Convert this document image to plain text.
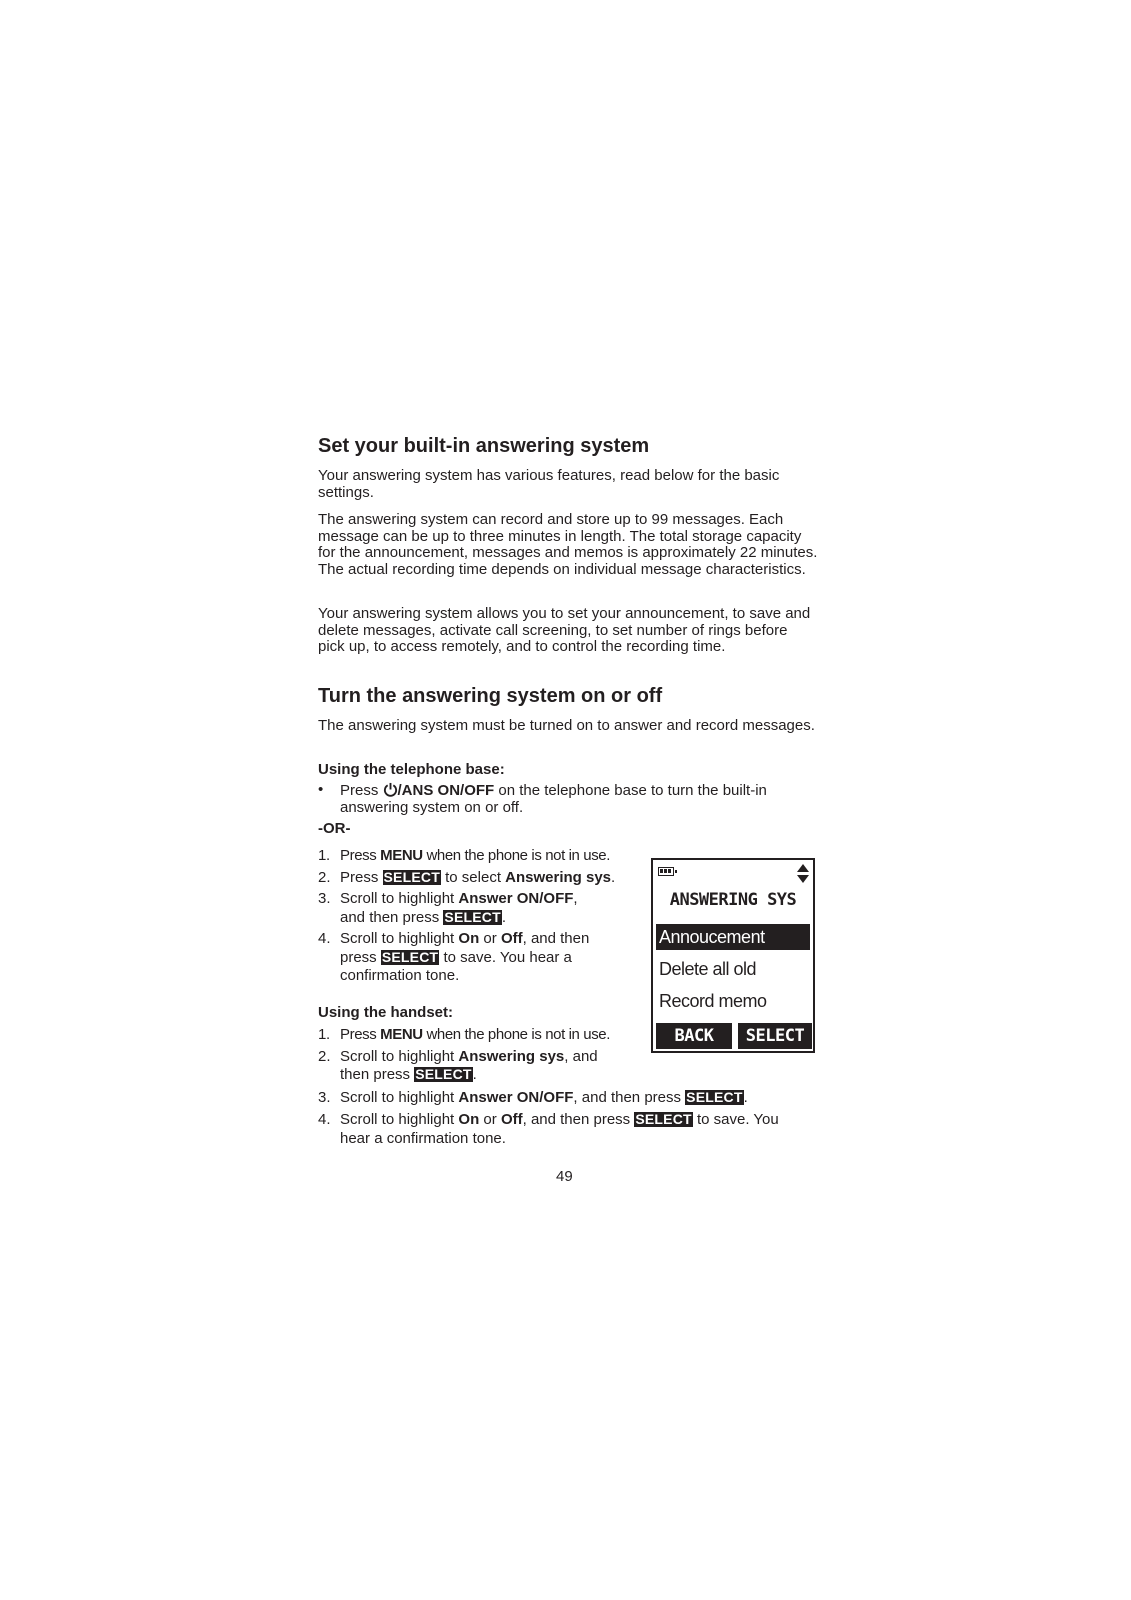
Set your built-in answering system

Your answering system has various features, read below for the basic settings.

The answering system can record and store up to 99 messages. Each message can be up to three minutes in length. The total storage capacity for the announcement, messages and memos is approximately 22 minutes. The actual recording time depends on individual message characteristics.

Your answering system allows you to set your announcement, to save and delete messages, activate call screening, to set number of rings before pick up, to access remotely, and to control the recording time.

Turn the answering system on or off

The answering system must be turned on to answer and record messages.

Using the telephone base:
• Press /ANS ON/OFF on the telephone base to turn the built-in answering system on or off.
-OR-
1. Press MENU when the phone is not in use.
2. Press SELECT to select Answering sys.
3. Scroll to highlight Answer ON/OFF,
and then press SELECT.
4. Scroll to highlight On or Off, and then
press SELECT to save. You hear a confirmation tone.
Using the handset:
1. Press MENU when the phone is not in use.
2. Scroll to highlight Answering sys, and
then press SELECT.
3. Scroll to highlight Answer ON/OFF, and then press SELECT.
4. Scroll to highlight On or Off, and then press SELECT to save. You hear a confirmation tone.
ANSWERING SYS
Annoucement
Delete all old
Record memo
BACK	SELECT
49
